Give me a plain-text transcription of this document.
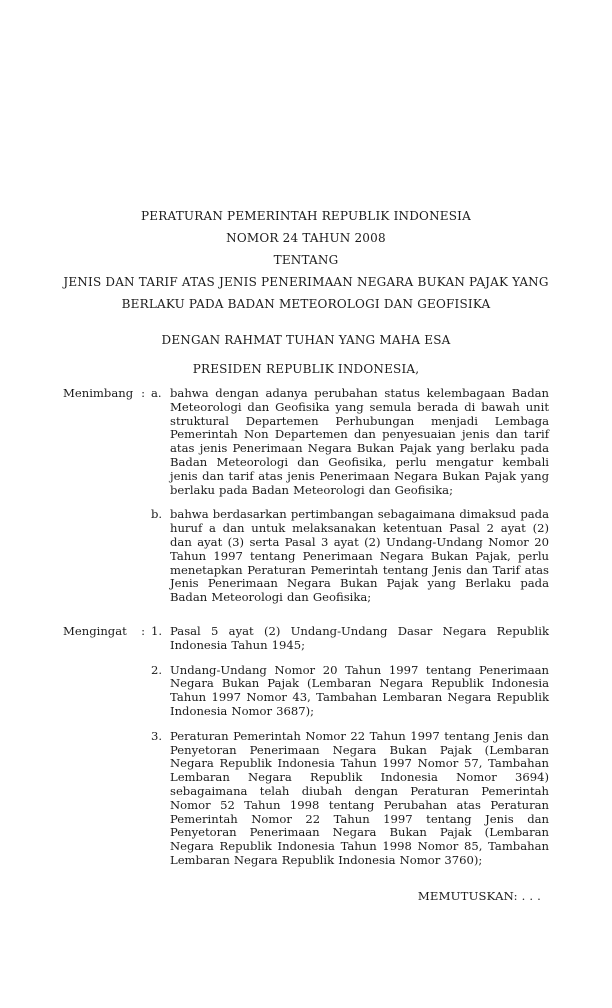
PERATURAN PEMERINTAH REPUBLIK INDONESIA
NOMOR 24 TAHUN 2008
TENTANG
JENIS DAN TARIF ATAS JENIS PENERIMAAN NEGARA BUKAN PAJAK YANG
BERLAKU PADA BADAN METEOROLOGI DAN GEOFISIKA
DENGAN RAHMAT TUHAN YANG MAHA ESA
PRESIDEN REPUBLIK INDONESIA,
Menimbang : a. bahwa dengan adanya perubahan status kelembagaan Badan Meteorologi dan Geofisika yang semula berada di bawah unit struktural Departemen Perhubungan menjadi Lembaga Pemerintah Non Departemen dan penyesuaian jenis dan tarif atas jenis Penerimaan Negara Bukan Pajak yang berlaku pada Badan Meteorologi dan Geofisika, perlu mengatur kembali jenis dan tarif atas jenis Penerimaan Negara Bukan Pajak yang berlaku pada Badan Meteorologi dan Geofisika;
b. bahwa berdasarkan pertimbangan sebagaimana dimaksud pada huruf a dan untuk melaksanakan ketentuan Pasal 2 ayat (2) dan ayat (3) serta Pasal 3 ayat (2) Undang-Undang Nomor 20 Tahun 1997 tentang Penerimaan Negara Bukan Pajak, perlu menetapkan Peraturan Pemerintah tentang Jenis dan Tarif atas Jenis Penerimaan Negara Bukan Pajak yang Berlaku pada Badan Meteorologi dan Geofisika;
Mengingat : 1. Pasal 5 ayat (2) Undang-Undang Dasar Negara Republik Indonesia Tahun 1945;
2. Undang-Undang Nomor 20 Tahun 1997 tentang Penerimaan Negara Bukan Pajak (Lembaran Negara Republik Indonesia Tahun 1997 Nomor 43, Tambahan Lembaran Negara Republik Indonesia Nomor 3687);
3. Peraturan Pemerintah Nomor 22 Tahun 1997 tentang Jenis dan Penyetoran Penerimaan Negara Bukan Pajak (Lembaran Negara Republik Indonesia Tahun 1997 Nomor 57, Tambahan Lembaran Negara Republik Indonesia Nomor 3694) sebagaimana telah diubah dengan Peraturan Pemerintah Nomor 52 Tahun 1998 tentang Perubahan atas Peraturan Pemerintah Nomor 22 Tahun 1997 tentang Jenis dan Penyetoran Penerimaan Negara Bukan Pajak (Lembaran Negara Republik Indonesia Tahun 1998 Nomor 85, Tambahan Lembaran Negara Republik Indonesia Nomor 3760);
MEMUTUSKAN: . . .
